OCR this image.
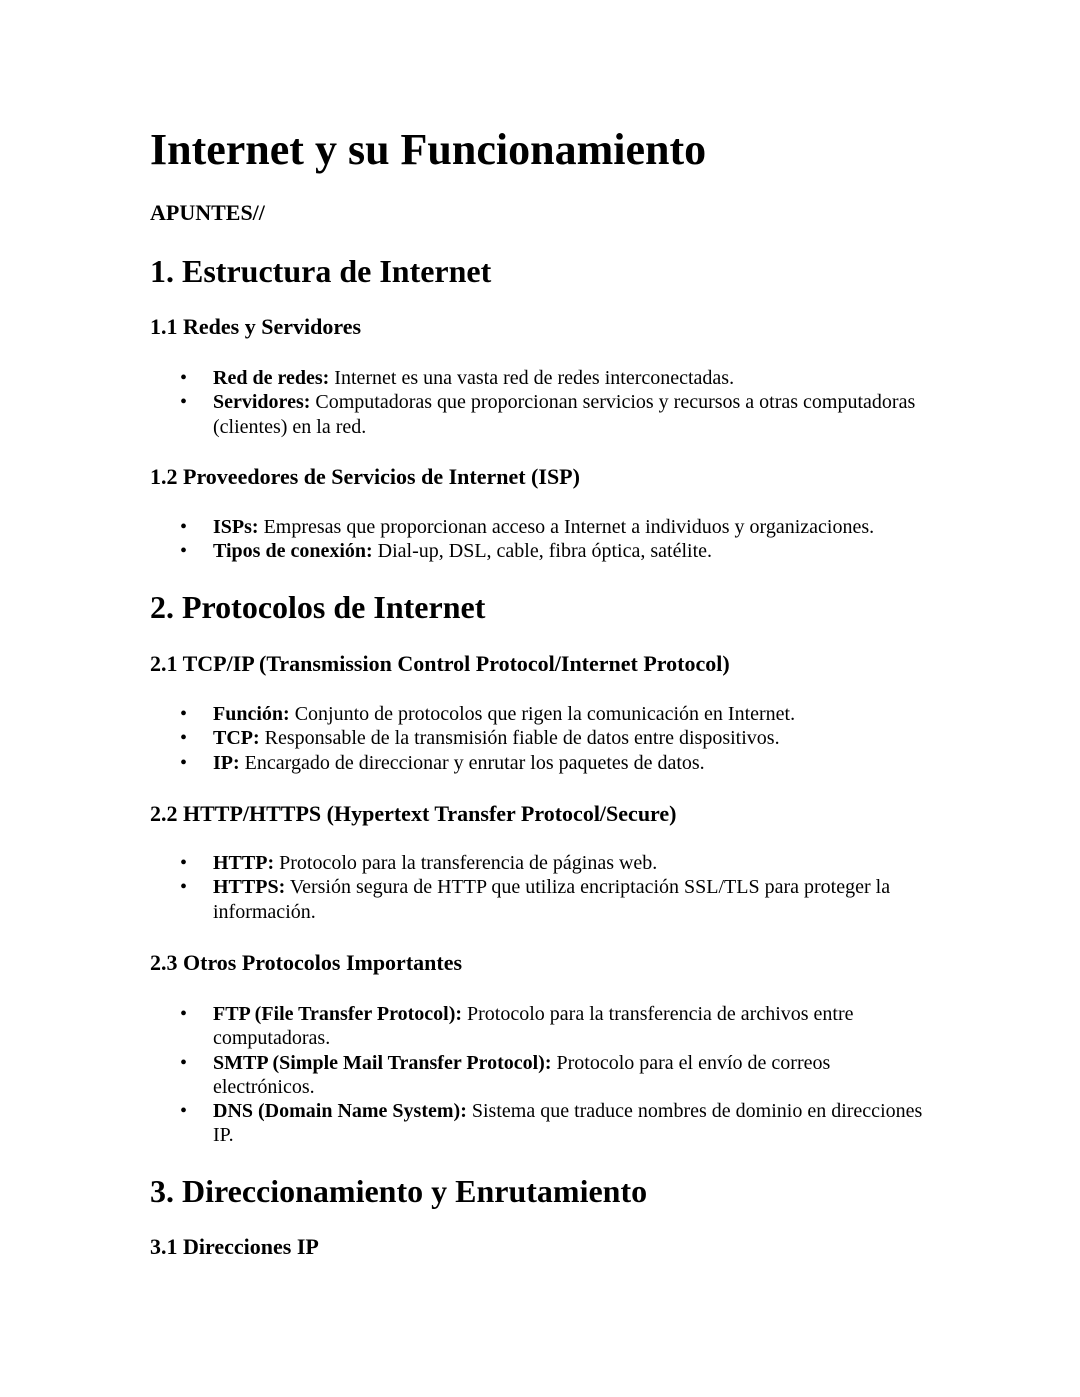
Internet y su Funcionamiento

APUNTES//

1. Estructura de Internet
1.1 Redes y Servidores
• Red de redes: Internet es una vasta red de redes interconectadas.
• Servidores: Computadoras que proporcionan servicios y recursos a otras computadoras (clientes) en la red.
1.2 Proveedores de Servicios de Internet (ISP)
• ISPs: Empresas que proporcionan acceso a Internet a individuos y organizaciones.
• Tipos de conexión: Dial-up, DSL, cable, fibra óptica, satélite.
2. Protocolos de Internet
2.1 TCP/IP (Transmission Control Protocol/Internet Protocol)
• Función: Conjunto de protocolos que rigen la comunicación en Internet.
• TCP: Responsable de la transmisión fiable de datos entre dispositivos.
• IP: Encargado de direccionar y enrutar los paquetes de datos.
2.2 HTTP/HTTPS (Hypertext Transfer Protocol/Secure)
• HTTP: Protocolo para la transferencia de páginas web.
• HTTPS: Versión segura de HTTP que utiliza encriptación SSL/TLS para proteger la información.
2.3 Otros Protocolos Importantes
• FTP (File Transfer Protocol): Protocolo para la transferencia de archivos entre computadoras.
• SMTP (Simple Mail Transfer Protocol): Protocolo para el envío de correos electrónicos.
• DNS (Domain Name System): Sistema que traduce nombres de dominio en direcciones IP.
3. Direccionamiento y Enrutamiento
3.1 Direcciones IP
